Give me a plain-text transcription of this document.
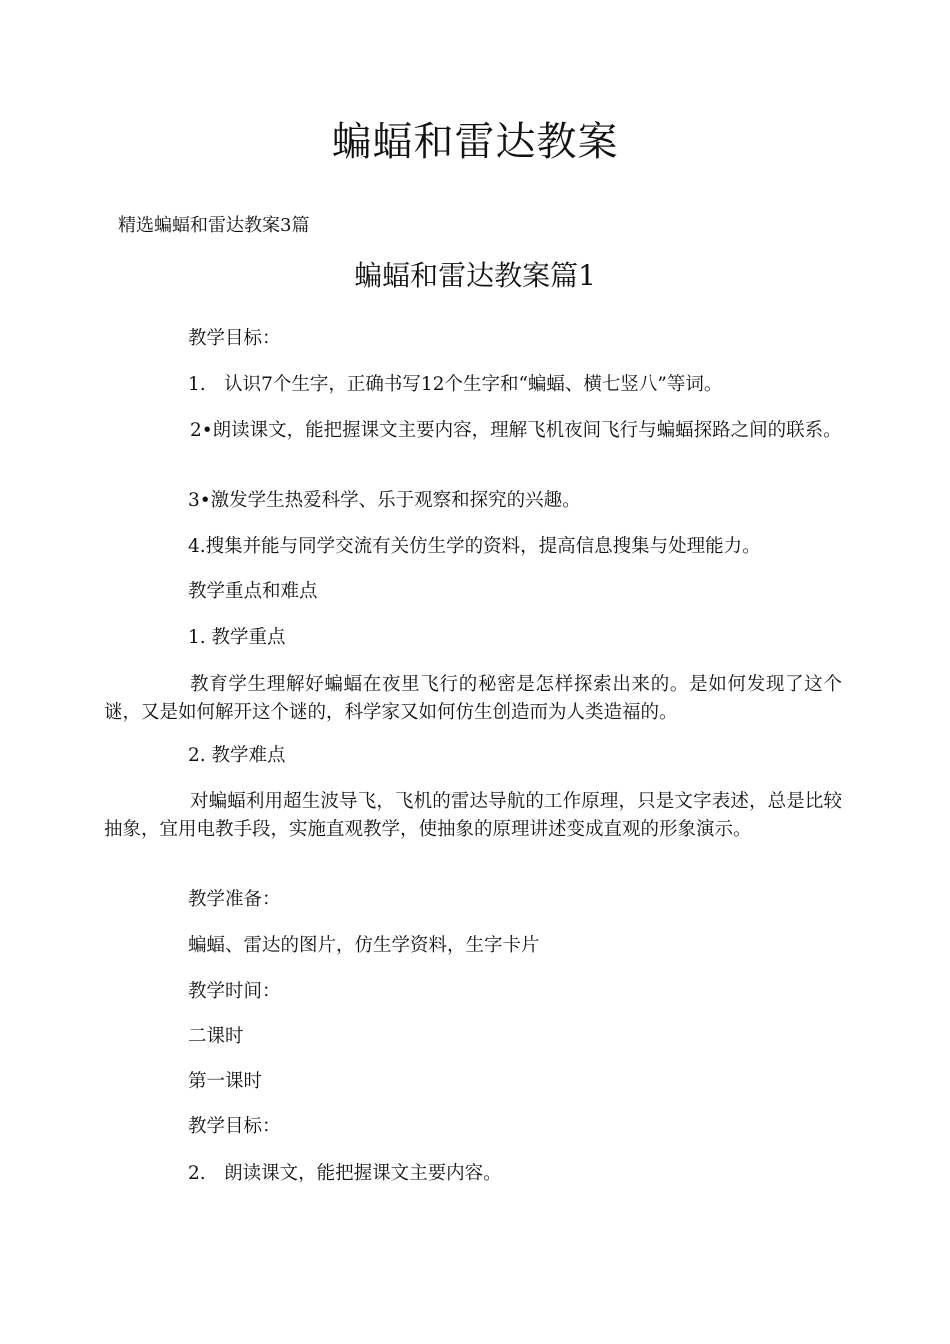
蝙蝠和雷达教案
精选蝙蝠和雷达教案3篇
蝙蝠和雷达教案篇1
教学目标：
1.　认识7个生字，正确书写12个生字和“蝙蝠、横七竖八”等词。
2•朗读课文，能把握课文主要内容，理解飞机夜间飞行与蝙蝠探路之间的联系。
3•激发学生热爱科学、乐于观察和探究的兴趣。
4.搜集并能与同学交流有关仿生学的资料，提高信息搜集与处理能力。
教学重点和难点
1. 教学重点
教育学生理解好蝙蝠在夜里飞行的秘密是怎样探索出来的。是如何发现了这个谜，又是如何解开这个谜的，科学家又如何仿生创造而为人类造福的。
2. 教学难点
对蝙蝠利用超生波导飞，飞机的雷达导航的工作原理，只是文字表述，总是比较抽象，宜用电教手段，实施直观教学，使抽象的原理讲述变成直观的形象演示。
教学准备：
蝙蝠、雷达的图片，仿生学资料，生字卡片
教学时间：
二课时
第一课时
教学目标：
2.　朗读课文，能把握课文主要内容。
